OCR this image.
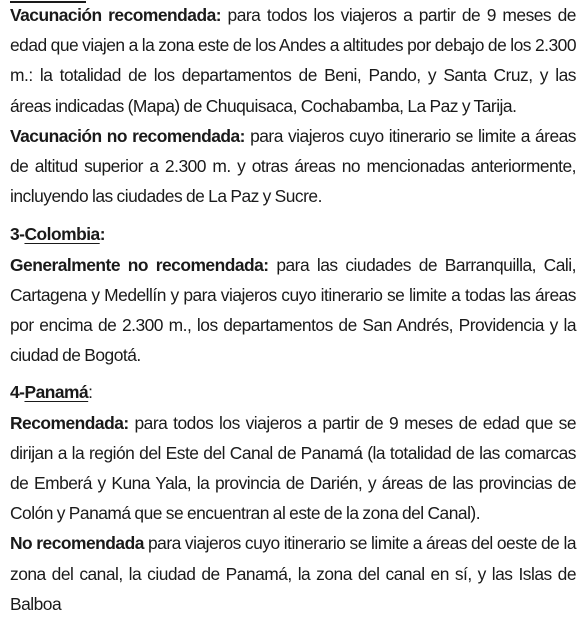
Vacunación recomendada: para todos los viajeros a partir de 9 meses de edad que viajen a la zona este de los Andes a altitudes por debajo de los 2.300 m.: la totalidad de los departamentos de Beni, Pando, y Santa Cruz, y las áreas indicadas (Mapa) de Chuquisaca, Cochabamba, La Paz y Tarija.

Vacunación no recomendada: para viajeros cuyo itinerario se limite a áreas de altitud superior a 2.300 m. y otras áreas no mencionadas anteriormente, incluyendo las ciudades de La Paz y Sucre.

3-Colombia:

Generalmente no recomendada: para las ciudades de Barranquilla, Cali, Cartagena y Medellín y para viajeros cuyo itinerario se limite a todas las áreas por encima de 2.300 m., los departamentos de San Andrés, Providencia y la ciudad de Bogotá.

4-Panamá:

Recomendada: para todos los viajeros a partir de 9 meses de edad que se dirijan a la región del Este del Canal de Panamá (la totalidad de las comarcas de Emberá y Kuna Yala, la provincia de Darién, y áreas de las provincias de Colón y Panamá que se encuentran al este de la zona del Canal).

No recomendada para viajeros cuyo itinerario se limite a áreas del oeste de la zona del canal, la ciudad de Panamá, la zona del canal en sí, y las Islas de Balboa
